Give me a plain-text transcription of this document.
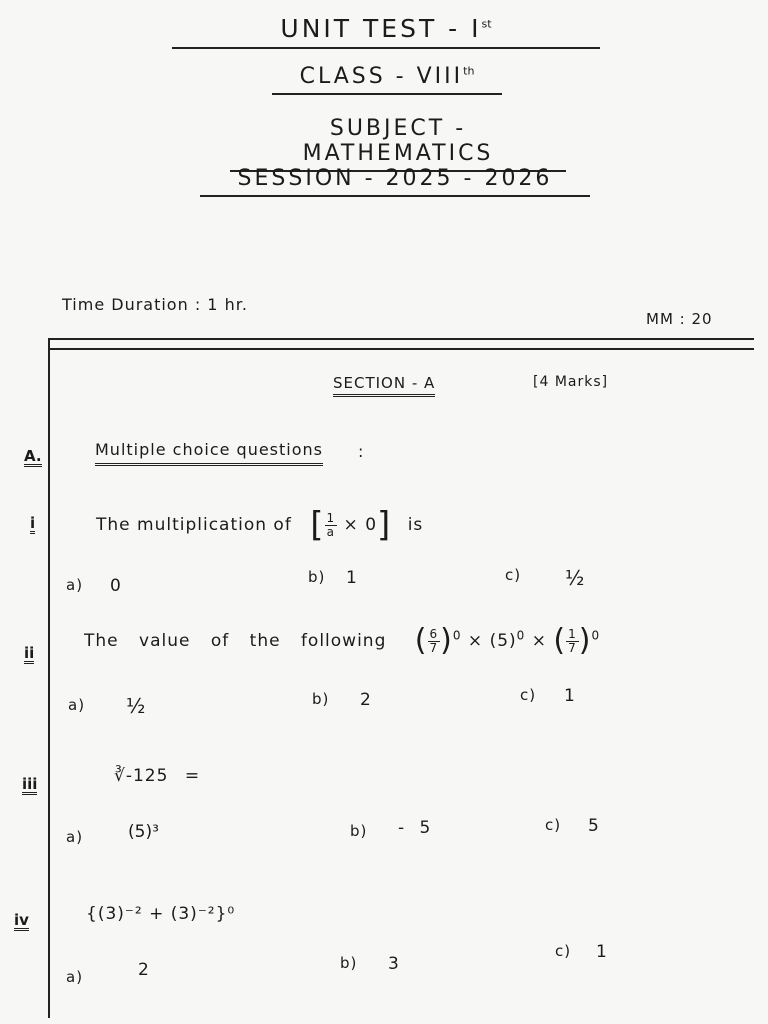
UNIT TEST - Ist
CLASS - VIIIth
SUBJECT - MATHEMATICS
SESSION - 2025 - 2026
Time Duration : 1 hr.
MM : 20
SECTION - A	[4 Marks]
A.	Multiple choice questions :
i	The multiplication of [ $\frac{1}{a} \times 0$] is
a) 0	b) 1	c) ½
ii
The value of the following ( $\frac{6}{7} )^0 \times (5)^0$ × ( $\frac{1}{7} )^0$
a) ½	b) 2	c) 1
iii	∛-125 =
a)	(5)³	b) - 5	c) 5
iv	{(3)⁻² + (3)⁻²}⁰
a)	2	b) 3
c) 1
